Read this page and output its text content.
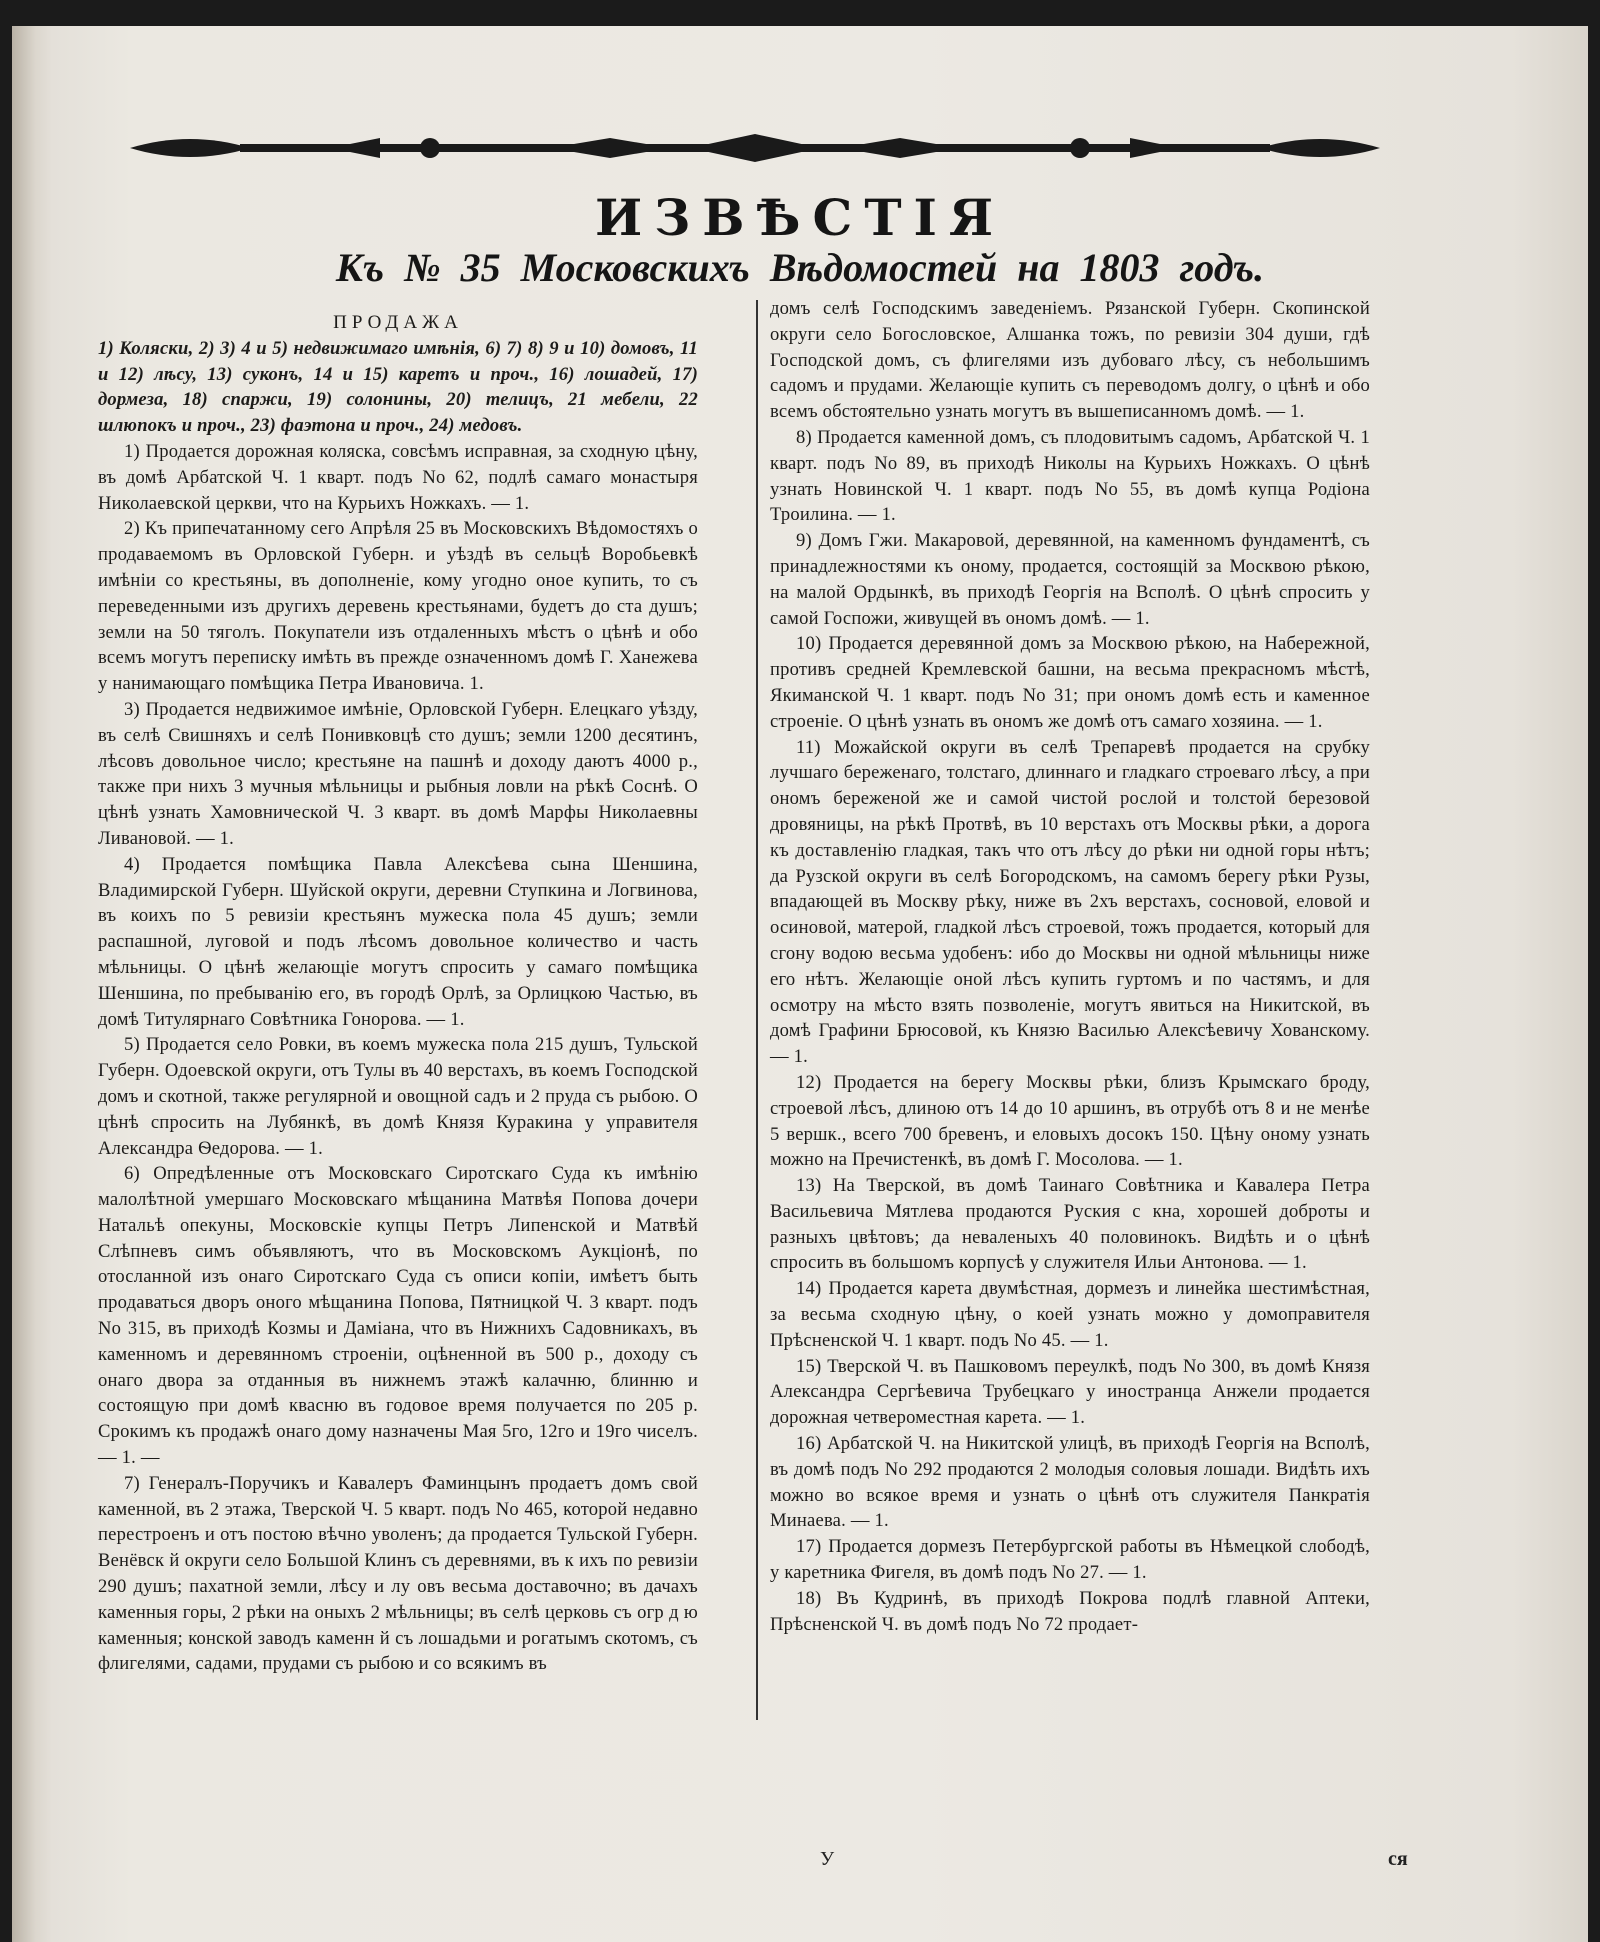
ИЗВѢСТІЯ
Къ № 35 Московскихъ Вѣдомостей на 1803 годъ.

ПРОДАЖА

1) Коляски, 2) 3) 4 и 5) недвижимаго имѣнія, 6) 7) 8) 9 и 10) домовъ, 11 и 12) лѣсу, 13) суконъ, 14 и 15) каретъ и проч., 16) лошадей, 17) дормеза, 18) спаржи, 19) солонины, 20) телицъ, 21 мебели, 22 шлюпокъ и проч., 23) фаэтона и проч., 24) медовъ.

1) Продается дорожная коляска, совсѣмъ исправная, за сходную цѣну, въ домѣ Арбатской Ч. 1 кварт. подъ No 62, подлѣ самаго монастыря Николаевской церкви, что на Курьихъ Ножкахъ. — 1.

2) Къ припечатанному сего Апрѣля 25 въ Московскихъ Вѣдомостяхъ о продаваемомъ въ Орловской Губерн. и уѣздѣ въ сельцѣ Воробьевкѣ имѣніи со крестьяны, въ дополненіе, кому угодно оное купить, то съ переведенными изъ другихъ деревень крестьянами, будетъ до ста душъ; земли на 50 тяголъ. Покупатели изъ отдаленныхъ мѣстъ о цѣнѣ и обо всемъ могутъ переписку имѣть въ прежде означенномъ домѣ Г. Ханежева у нанимающаго помѣщика Петра Ивановича. 1.

3) Продается недвижимое имѣніе, Орловской Губерн. Елецкаго уѣзду, въ селѣ Свишняхъ и селѣ Понивковцѣ сто душъ; земли 1200 десятинъ, лѣсовъ довольное число; крестьяне на пашнѣ и доходу даютъ 4000 р., также при нихъ 3 мучныя мѣльницы и рыбныя ловли на рѣкѣ Соснѣ. О цѣнѣ узнать Хамовнической Ч. 3 кварт. въ домѣ Марфы Николаевны Ливановой. — 1.

4) Продается помѣщика Павла Алексѣева сына Шеншина, Владимирской Губерн. Шуйской округи, деревни Ступкина и Логвинова, въ коихъ по 5 ревизіи крестьянъ мужеска пола 45 душъ; земли распашной, луговой и подъ лѣсомъ довольное количество и часть мѣльницы. О цѣнѣ желающіе могутъ спросить у самаго помѣщика Шеншина, по пребыванію его, въ городѣ Орлѣ, за Орлицкою Частью, въ домѣ Титулярнаго Совѣтника Гонорова. — 1.

5) Продается село Ровки, въ коемъ мужеска пола 215 душъ, Тульской Губерн. Одоевской округи, отъ Тулы въ 40 верстахъ, въ коемъ Господской домъ и скотной, также регулярной и овощной садъ и 2 пруда съ рыбою. О цѣнѣ спросить на Лубянкѣ, въ домѣ Князя Куракина у управителя Александра Ѳедорова. — 1.

6) Опредѣленные отъ Московскаго Сиротскаго Суда къ имѣнію малолѣтной умершаго Московскаго мѣщанина Матвѣя Попова дочери Натальѣ опекуны, Московскіе купцы Петръ Липенской и Матвѣй Слѣпневъ симъ объявляютъ, что въ Московскомъ Аукціонѣ, по отосланной изъ онаго Сиротскаго Суда съ описи копіи, имѣетъ быть продаваться дворъ оного мѣщанина Попова, Пятницкой Ч. 3 кварт. подъ No 315, въ приходѣ Козмы и Даміана, что въ Нижнихъ Садовникахъ, въ каменномъ и деревянномъ строеніи, оцѣненной въ 500 р., доходу съ онаго двора за отданныя въ нижнемъ этажѣ калачню, блинню и состоящую при домѣ квасню въ годовое время получается по 205 р. Срокимъ къ продажѣ онаго дому назначены Мая 5го, 12го и 19го чиселъ. — 1. —

7) Генералъ-Поручикъ и Кавалеръ Фаминцынъ продаетъ домъ свой каменной, въ 2 этажа, Тверской Ч. 5 кварт. подъ No 465, которой недавно перестроенъ и отъ постою вѣчно уволенъ; да продается Тульской Губерн. Венёвск й округи село Большой Клинъ съ деревнями, въ к ихъ по ревизіи 290 душъ; пахатной земли, лѣсу и лу овъ весьма доставочно; въ дачахъ каменныя горы, 2 рѣки на оныхъ 2 мѣльницы; въ селѣ церковь съ огр д ю каменныя; конской заводъ каменн й съ лошадьми и рогатымъ скотомъ, съ флигелями, садами, прудами съ рыбою и со всякимъ въ

домъ селѣ Господскимъ заведеніемъ. Рязанской Губерн. Скопинской округи село Богословское, Алшанка тожъ, по ревизіи 304 души, гдѣ Господской домъ, съ флигелями изъ дубоваго лѣсу, съ небольшимъ садомъ и прудами. Желающіе купить съ переводомъ долгу, о цѣнѣ и обо всемъ обстоятельно узнать могутъ въ вышеписанномъ домѣ. — 1.

8) Продается каменной домъ, съ плодовитымъ садомъ, Арбатской Ч. 1 кварт. подъ No 89, въ приходѣ Николы на Курьихъ Ножкахъ. О цѣнѣ узнать Новинской Ч. 1 кварт. подъ No 55, въ домѣ купца Родіона Троилина. — 1.

9) Домъ Гжи. Макаровой, деревянной, на каменномъ фундаментѣ, съ принадлежностями къ оному, продается, состоящій за Москвою рѣкою, на малой Ордынкѣ, въ приходѣ Георгія на Всполѣ. О цѣнѣ спросить у самой Госпожи, живущей въ ономъ домѣ. — 1.

10) Продается деревянной домъ за Москвою рѣкою, на Набережной, противъ средней Кремлевской башни, на весьма прекрасномъ мѣстѣ, Якиманской Ч. 1 кварт. подъ No 31; при ономъ домѣ есть и каменное строеніе. О цѣнѣ узнать въ ономъ же домѣ отъ самаго хозяина. — 1.

11) Можайской округи въ селѣ Трепаревѣ продается на срубку лучшаго береженаго, толстаго, длиннаго и гладкаго строеваго лѣсу, а при ономъ береженой же и самой чистой рослой и толстой березовой дровяницы, на рѣкѣ Протвѣ, въ 10 верстахъ отъ Москвы рѣки, а дорога къ доставленію гладкая, такъ что отъ лѣсу до рѣки ни одной горы нѣтъ; да Рузской округи въ селѣ Богородскомъ, на самомъ берегу рѣки Рузы, впадающей въ Москву рѣку, ниже въ 2хъ верстахъ, сосновой, еловой и осиновой, матерой, гладкой лѣсъ строевой, тожъ продается, который для сгону водою весьма удобенъ: ибо до Москвы ни одной мѣльницы ниже его нѣтъ. Желающіе оной лѣсъ купить гуртомъ и по частямъ, и для осмотру на мѣсто взять позволеніе, могутъ явиться на Никитской, въ домѣ Графини Брюсовой, къ Князю Василью Алексѣевичу Хованскому. — 1.

12) Продается на берегу Москвы рѣки, близъ Крымскаго броду, строевой лѣсъ, длиною отъ 14 до 10 аршинъ, въ отрубѣ отъ 8 и не менѣе 5 вершк., всего 700 бревенъ, и еловыхъ досокъ 150. Цѣну оному узнать можно на Пречистенкѣ, въ домѣ Г. Мосолова. — 1.

13) На Тверской, въ домѣ Таинаго Совѣтника и Кавалера Петра Васильевича Мятлева продаются Руския с кна, хорошей доброты и разныхъ цвѣтовъ; да неваленыхъ 40 половинокъ. Видѣть и о цѣнѣ спросить въ большомъ корпусѣ у служителя Ильи Антонова. — 1.

14) Продается карета двумѣстная, дормезъ и линейка шестимѣстная, за весьма сходную цѣну, о коей узнать можно у домоправителя Прѣсненской Ч. 1 кварт. подъ No 45. — 1.

15) Тверской Ч. въ Пашковомъ переулкѣ, подъ No 300, въ домѣ Князя Александра Сергѣевича Трубецкаго у иностранца Анжели продается дорожная четвероместная карета. — 1.

16) Арбатской Ч. на Никитской улицѣ, въ приходѣ Георгія на Всполѣ, въ домѣ подъ No 292 продаются 2 молодыя соловыя лошади. Видѣть ихъ можно во всякое время и узнать о цѣнѣ отъ служителя Панкратія Минаева. — 1.

17) Продается дормезъ Петербургской работы въ Нѣмецкой слободѣ, у каретника Фигеля, въ домѣ подъ No 27. — 1.

18) Въ Кудринѣ, въ приходѣ Покрова подлѣ главной Аптеки, Прѣсненской Ч. въ домѣ подъ No 72 продает-

У	ся
